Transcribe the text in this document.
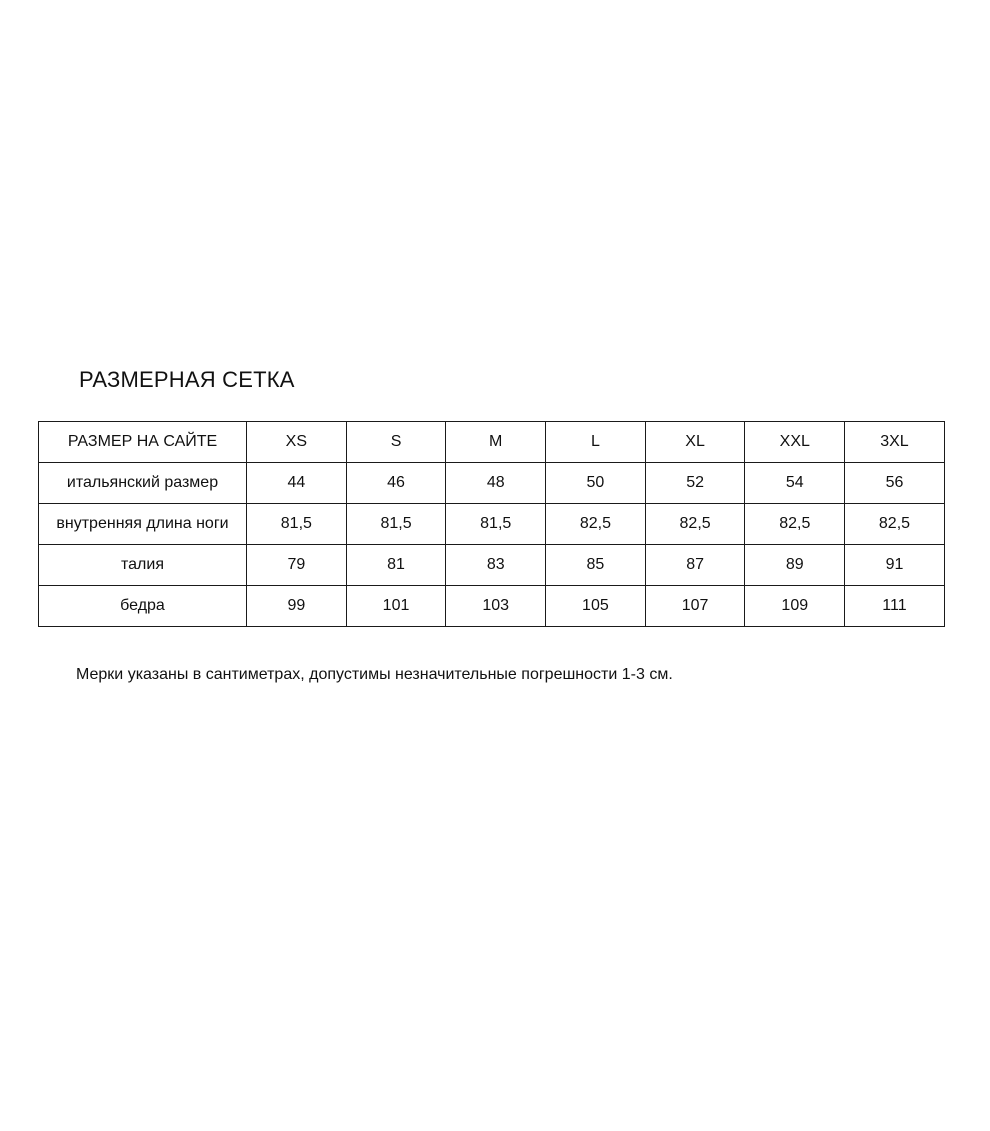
РАЗМЕРНАЯ СЕТКА
РАЗМЕР НА САЙТЕ	XS	S	M	L	XL	XXL	3XL
итальянский размер	44	46	48	50	52	54	56
внутренняя длина ноги	81,5	81,5	81,5	82,5	82,5	82,5	82,5
талия	79	81	83	85	87	89	91
бедра	99	101	103	105	107	109	111
Мерки указаны в сантиметрах, допустимы незначительные погрешности 1-3 см.
